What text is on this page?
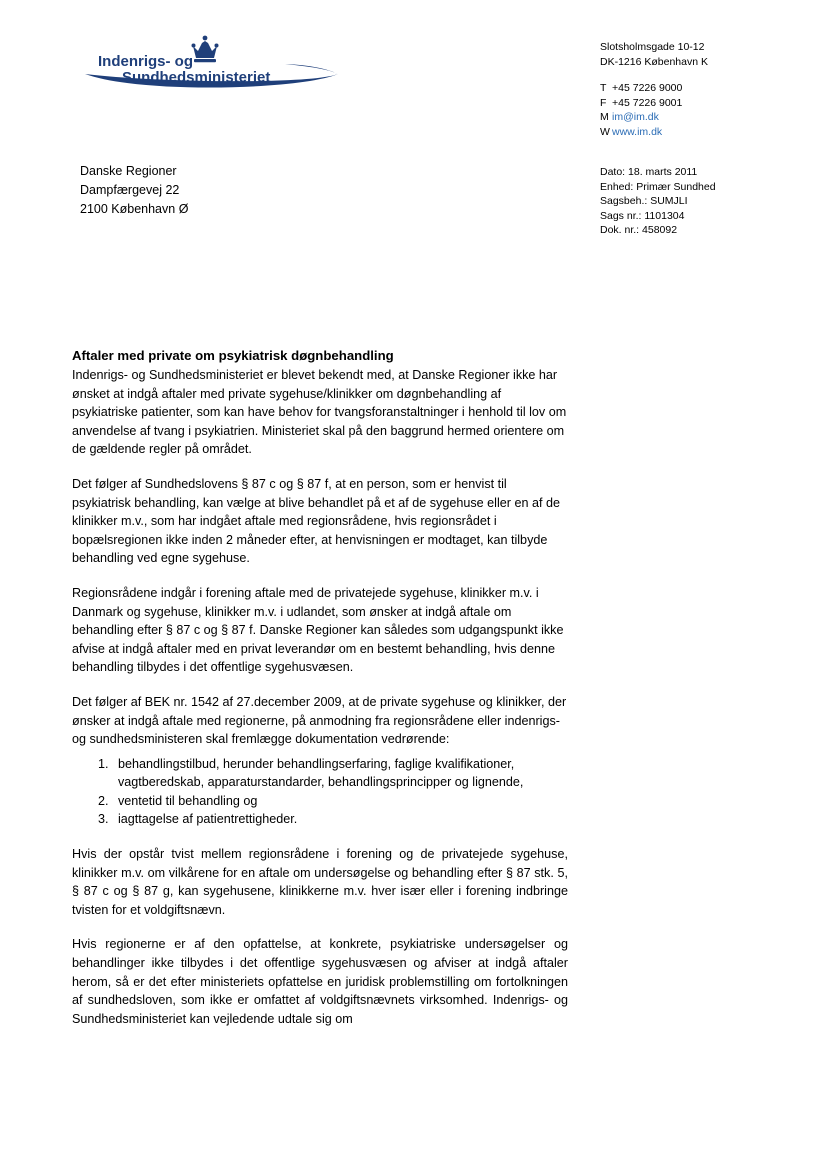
Indenrigs- og
Sundhedsministeriet
Slotsholmsgade 10-12
DK-1216 København K
T +45 7226 9000
F +45 7226 9001
M im@im.dk
W www.im.dk
Danske Regioner
Dampfærgevej 22
2100 København Ø
Dato: 18. marts 2011
Enhed: Primær Sundhed
Sagsbeh.: SUMJLI
Sags nr.: 1101304
Dok. nr.: 458092
Aftaler med private om psykiatrisk døgnbehandling

Indenrigs- og Sundhedsministeriet er blevet bekendt med, at Danske Regioner ikke har ønsket at indgå aftaler med private sygehuse/klinikker om døgnbehandling af psykiatriske patienter, som kan have behov for tvangsforanstaltninger i henhold til lov om anvendelse af tvang i psykiatrien. Ministeriet skal på den baggrund hermed orientere om de gældende regler på området.

Det følger af Sundhedslovens § 87 c og § 87 f, at en person, som er henvist til psykiatrisk behandling, kan vælge at blive behandlet på et af de sygehuse eller en af de klinikker m.v., som har indgået aftale med regionsrådene, hvis regionsrådet i bopælsregionen ikke inden 2 måneder efter, at henvisningen er modtaget, kan tilbyde behandling ved egne sygehuse.

Regionsrådene indgår i forening aftale med de privatejede sygehuse, klinikker m.v. i Danmark og sygehuse, klinikker m.v. i udlandet, som ønsker at indgå aftale om behandling efter § 87 c og § 87 f. Danske Regioner kan således som udgangspunkt ikke afvise at indgå aftaler med en privat leverandør om en bestemt behandling, hvis denne behandling tilbydes i det offentlige sygehusvæsen.

Det følger af BEK nr. 1542 af 27.december 2009, at de private sygehuse og klinikker, der ønsker at indgå aftale med regionerne, på anmodning fra regionsrådene eller indenrigs- og sundhedsministeren skal fremlægge dokumentation vedrørende:

1. behandlingstilbud, herunder behandlingserfaring, faglige kvalifikationer, vagtberedskab, apparaturstandarder, behandlingsprincipper og lignende,
2. ventetid til behandling og
3. iagttagelse af patientrettigheder.

Hvis der opstår tvist mellem regionsrådene i forening og de privatejede sygehuse, klinikker m.v. om vilkårene for en aftale om undersøgelse og behandling efter § 87 stk. 5, § 87 c og § 87 g, kan sygehusene, klinikkerne m.v. hver især eller i forening indbringe tvisten for et voldgiftsnævn.

Hvis regionerne er af den opfattelse, at konkrete, psykiatriske undersøgelser og behandlinger ikke tilbydes i det offentlige sygehusvæsen og afviser at indgå aftaler herom, så er det efter ministeriets opfattelse en juridisk problemstilling om fortolkningen af sundhedsloven, som ikke er omfattet af voldgiftsnævnets virksomhed. Indenrigs- og Sundhedsministeriet kan vejledende udtale sig om
